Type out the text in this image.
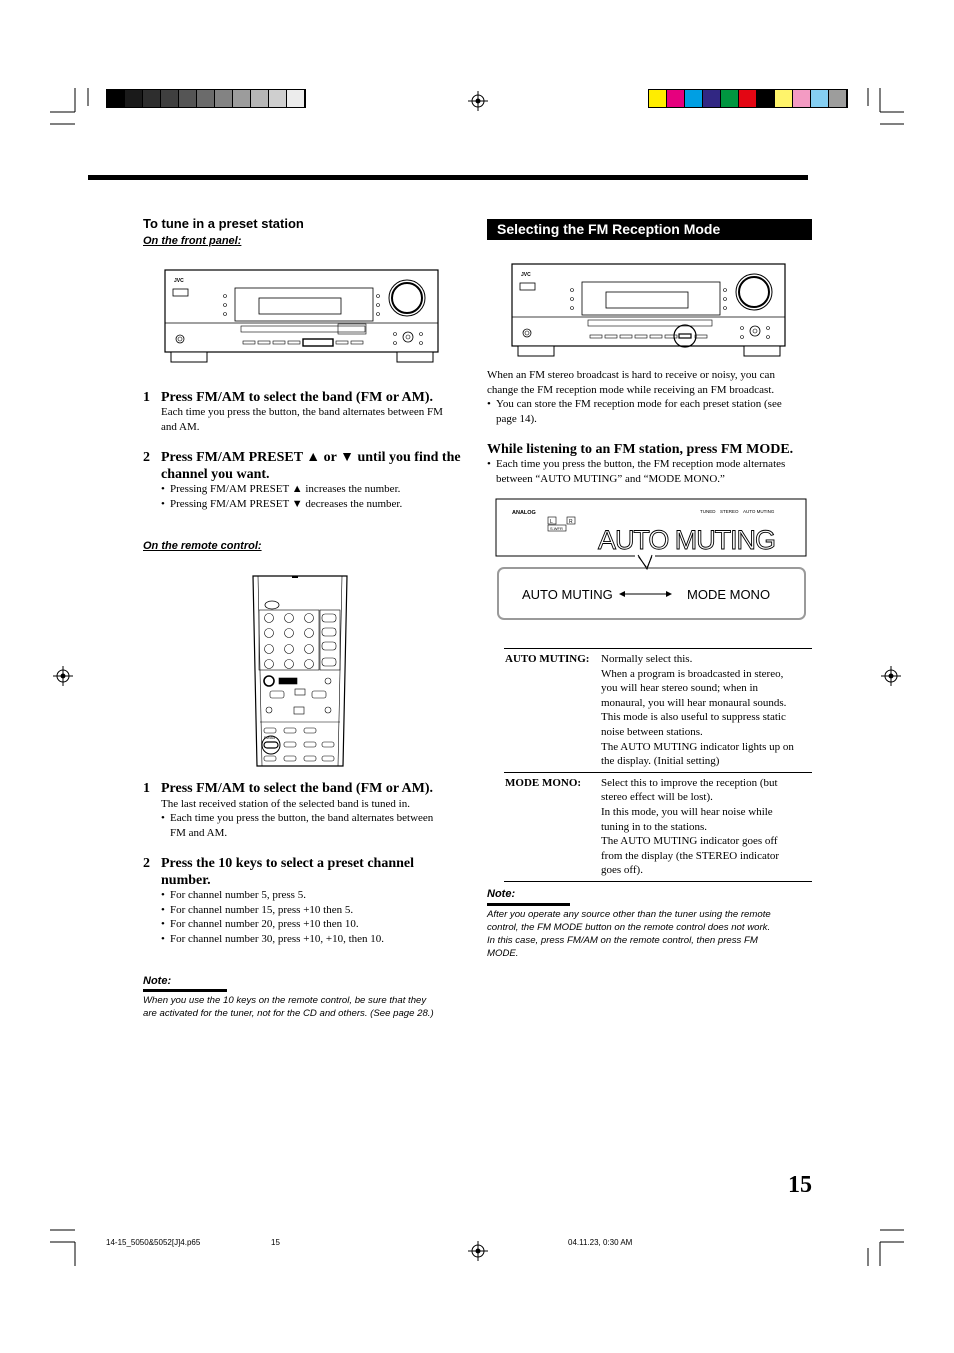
To tune in a preset station
On the front panel:
JVC
1 Press FM/AM to select the band (FM or AM).
Each time you press the button, the band alternates between FM
and AM.
2 Press FM/AM PRESET ▲ or ▼ until you find the
channel you want.
• Pressing FM/AM PRESET ▲ increases the number.
• Pressing FM/AM PRESET ▼ decreases the number.
On the remote control:
FM/AM
1 Press FM/AM to select the band (FM or AM).
The last received station of the selected band is tuned in.
• Each time you press the button, the band alternates between
FM and AM.
2 Press the 10 keys to select a preset channel
number.
• For channel number 5, press 5.
• For channel number 15, press +10 then 5.
• For channel number 20, press +10 then 10.
• For channel number 30, press +10, +10, then 10.
Note:
When you use the 10 keys on the remote control, be sure that they
are activated for the tuner, not for the CD and others. (See page 28.)
Selecting the FM Reception Mode
JVC
When an FM stereo broadcast is hard to receive or noisy, you can
change the FM reception mode while receiving an FM broadcast.
• You can store the FM reception mode for each preset station (see
page 14).
While listening to an FM station, press FM MODE.
• Each time you press the button, the FM reception mode alternates
between “AUTO MUTING” and “MODE MONO.”
ANALOG	TUNED STEREO AUTO MUTING
L	R
S.WFR AUTO MUTING
AUTO MUTING	MODE MONO
AUTO MUTING: Normally select this.
When a program is broadcasted in stereo,
you will hear stereo sound; when in
monaural, you will hear monaural sounds.
This mode is also useful to suppress static
noise between stations.
The AUTO MUTING indicator lights up on
the display. (Initial setting)
MODE MONO: Select this to improve the reception (but
stereo effect will be lost).
In this mode, you will hear noise while
tuning in to the stations.
The AUTO MUTING indicator goes off
from the display (the STEREO indicator
goes off).
Note:
After you operate any source other than the tuner using the remote
control, the FM MODE button on the remote control does not work.
In this case, press FM/AM on the remote control, then press FM
MODE.
15
14-15_5050&5052[J]4.p65	15	04.11.23, 0:30 AM
